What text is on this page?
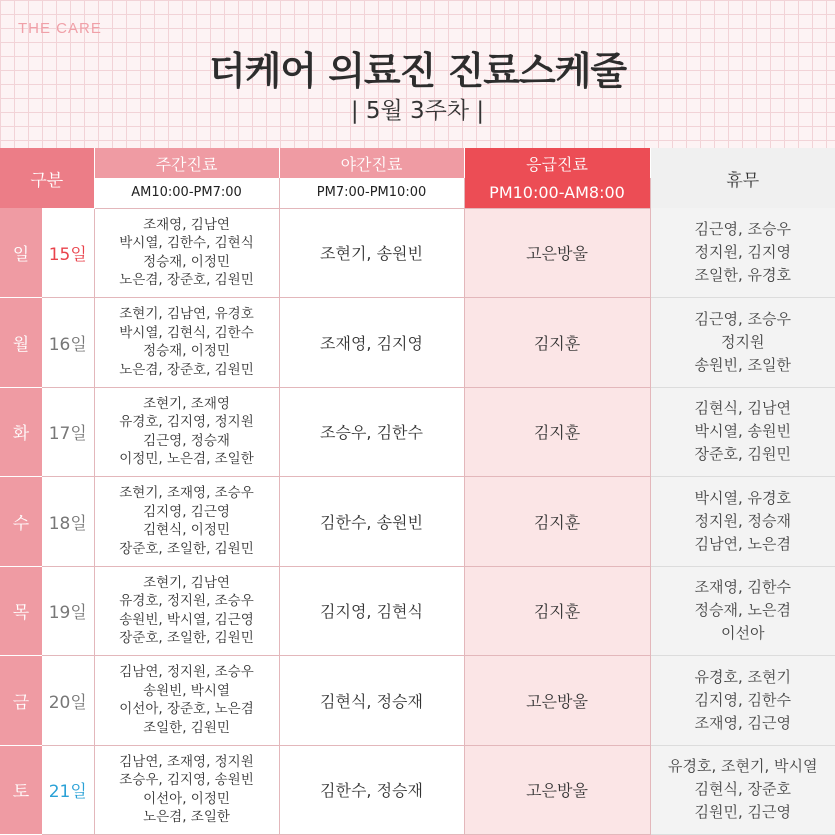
THE CARE
더케어 의료진 진료스케줄
| 5월 3주차 |
구분		주간진료	야간진료	응급진료	휴무
		AM10:00-PM7:00	PM7:00-PM10:00	PM10:00-AM8:00	
일	15일	조재영, 김남연
박시열, 김한수, 김현식
정승재, 이정민
노은겸, 장준호, 김원민	조현기, 송원빈	고은방울	김근영, 조승우
정지원, 김지영
조일한, 유경호

월	16일	조현기, 김남연, 유경호
박시열, 김현식, 김한수
정승재, 이정민
노은겸, 장준호, 김원민	조재영, 김지영	김지훈	김근영, 조승우
정지원
송원빈, 조일한

화	17일	조현기, 조재영
유경호, 김지영, 정지원
김근영, 정승재
이정민, 노은겸, 조일한	조승우, 김한수	김지훈	김현식, 김남연
박시열, 송원빈
장준호, 김원민

수	18일	조현기, 조재영, 조승우
김지영, 김근영
김현식, 이정민
장준호, 조일한, 김원민	김한수, 송원빈	김지훈	박시열, 유경호
정지원, 정승재
김남연, 노은겸

목	19일	조현기, 김남연
유경호, 정지원, 조승우
송원빈, 박시열, 김근영
장준호, 조일한, 김원민	김지영, 김현식	김지훈	조재영, 김한수
정승재, 노은겸
이선아

금	20일	김남연, 정지원, 조승우
송원빈, 박시열
이선아, 장준호, 노은겸
조일한, 김원민	김현식, 정승재	고은방울	유경호, 조현기
김지영, 김한수
조재영, 김근영

토	21일	김남연, 조재영, 정지원
조승우, 김지영, 송원빈
이선아, 이정민
노은겸, 조일한	김한수, 정승재	고은방울	유경호, 조현기, 박시열
김현식, 장준호
김원민, 김근영
